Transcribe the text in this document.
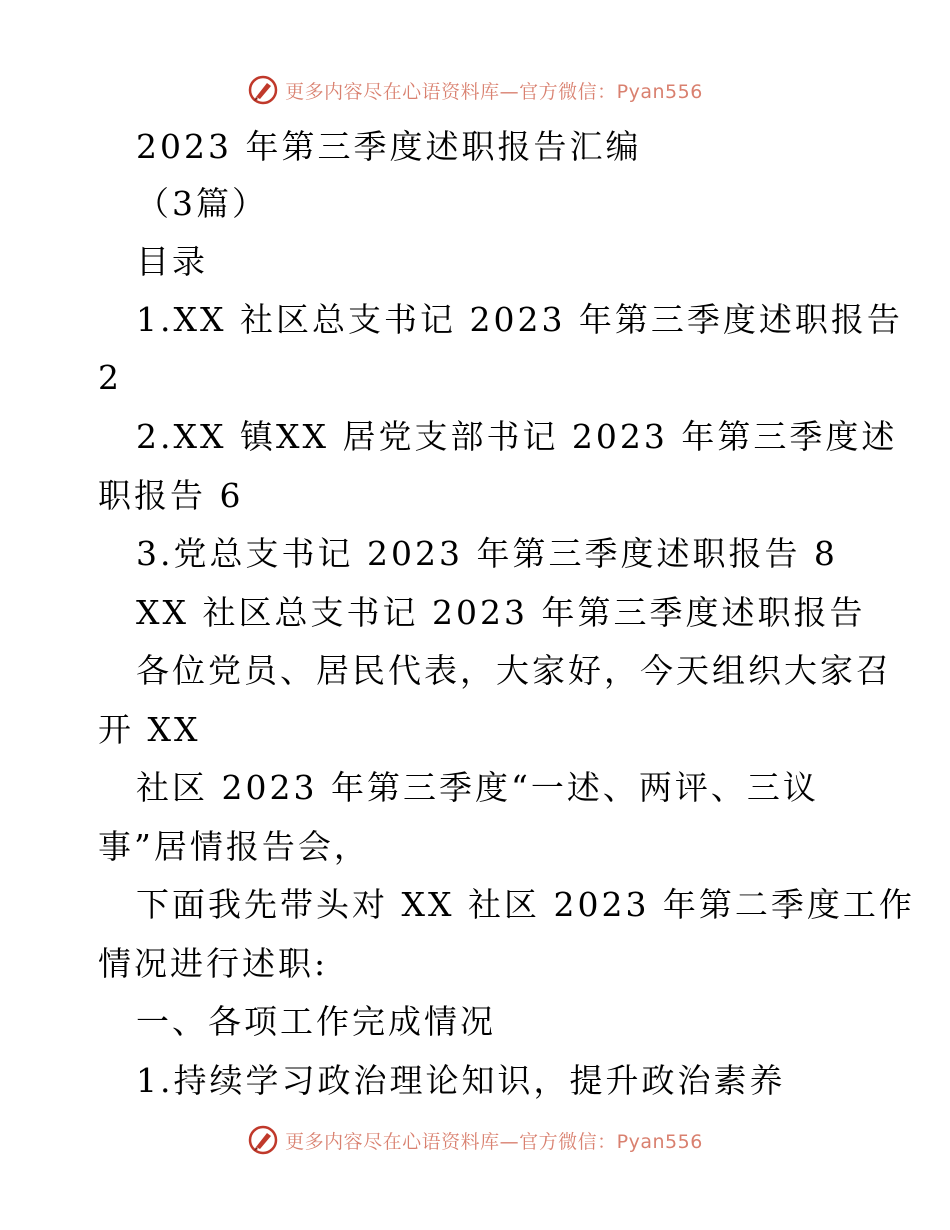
更多内容尽在心语资料库—官方微信：Pyan556
2023 年第三季度述职报告汇编
（3篇）
目录
1.XX 社区总支书记 2023 年第三季度述职报告
2
2.XX 镇XX 居党支部书记 2023 年第三季度述
职报告 6
3.党总支书记 2023 年第三季度述职报告 8
XX 社区总支书记 2023 年第三季度述职报告
各位党员、居民代表，大家好，今天组织大家召
开 XX
社区 2023 年第三季度“一述、两评、三议
事”居情报告会，
下面我先带头对 XX 社区 2023 年第二季度工作
情况进行述职:
一、各项工作完成情况
1.持续学习政治理论知识，提升政治素养
更多内容尽在心语资料库—官方微信：Pyan556
